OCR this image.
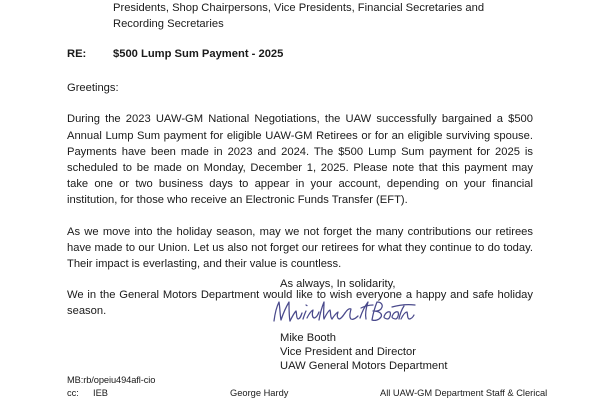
Presidents, Shop Chairpersons, Vice Presidents, Financial Secretaries and Recording Secretaries
RE:	$500 Lump Sum Payment - 2025
Greetings:

During the 2023 UAW-GM National Negotiations, the UAW successfully bargained a $500 Annual Lump Sum payment for eligible UAW-GM Retirees or for an eligible surviving spouse. Payments have been made in 2023 and 2024. The $500 Lump Sum payment for 2025 is scheduled to be made on Monday, December 1, 2025. Please note that this payment may take one or two business days to appear in your account, depending on your financial institution, for those who receive an Electronic Funds Transfer (EFT).

As we move into the holiday season, may we not forget the many contributions our retirees have made to our Union. Let us also not forget our retirees for what they continue to do today. Their impact is everlasting, and their value is countless.

We in the General Motors Department would like to wish everyone a happy and safe holiday season.

As always, In solidarity,
Mike Booth
Vice President and Director
UAW General Motors Department
MB:rb/opeiu494afl-cio
cc:	IEB	George Hardy	All UAW-GM Department Staff & Clerical
